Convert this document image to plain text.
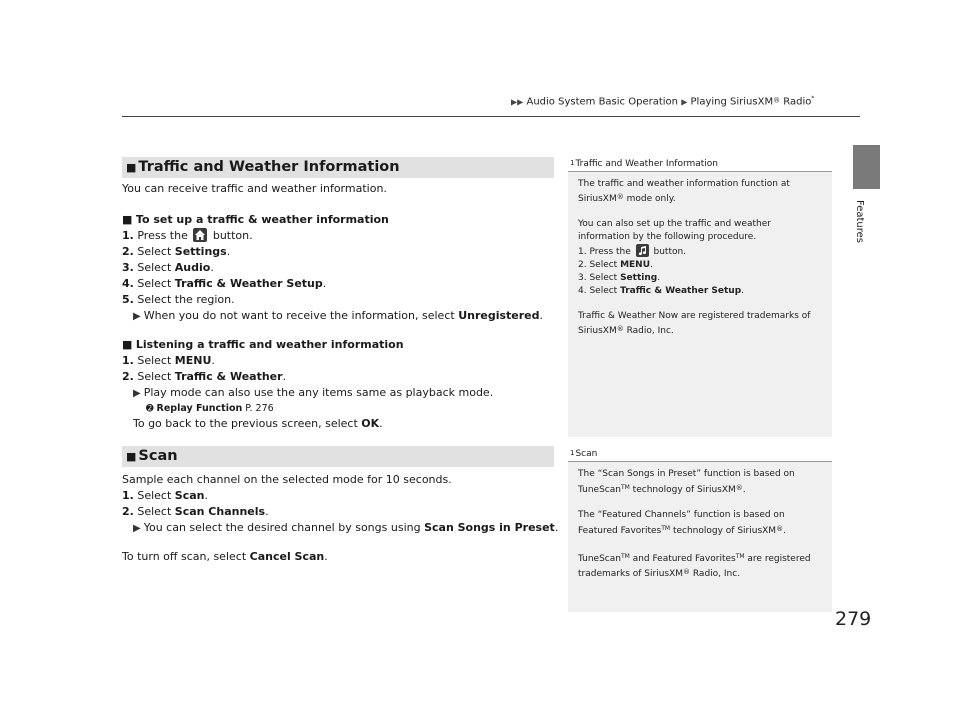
▶▶ Audio System Basic Operation ▶ Playing SiriusXM® Radio*
Features
■ Traffic and Weather Information
You can receive traffic and weather information.
■ To set up a traffic & weather information
1. Press the
button.
2. Select Settings.
3. Select Audio.
4. Select Traffic & Weather Setup.
5. Select the region.
▶ When you do not want to receive the information, select Unregistered.
■ Listening a traffic and weather information
1. Select MENU.
2. Select Traffic & Weather.
▶ Play mode can also use the any items same as playback mode.
➋ Replay Function P. 276
To go back to the previous screen, select OK.
■ Scan
Sample each channel on the selected mode for 10 seconds.
1. Select Scan.
2. Select Scan Channels.
▶ You can select the desired channel by songs using Scan Songs in Preset.
To turn off scan, select Cancel Scan.
1Traffic and Weather Information

The traffic and weather information function at
SiriusXM® mode only.

You can also set up the traffic and weather
information by the following procedure.

1. Press the
button.
2. Select MENU.
3. Select Setting.
4. Select Traffic & Weather Setup.

Traffic & Weather Now are registered trademarks of
SiriusXM® Radio, Inc.

1Scan

The “Scan Songs in Preset” function is based on
TuneScan™ technology of SiriusXM®.

The “Featured Channels” function is based on
Featured Favorites™ technology of SiriusXM®.

TuneScan™ and Featured Favorites™ are registered
trademarks of SiriusXM® Radio, Inc.

279
